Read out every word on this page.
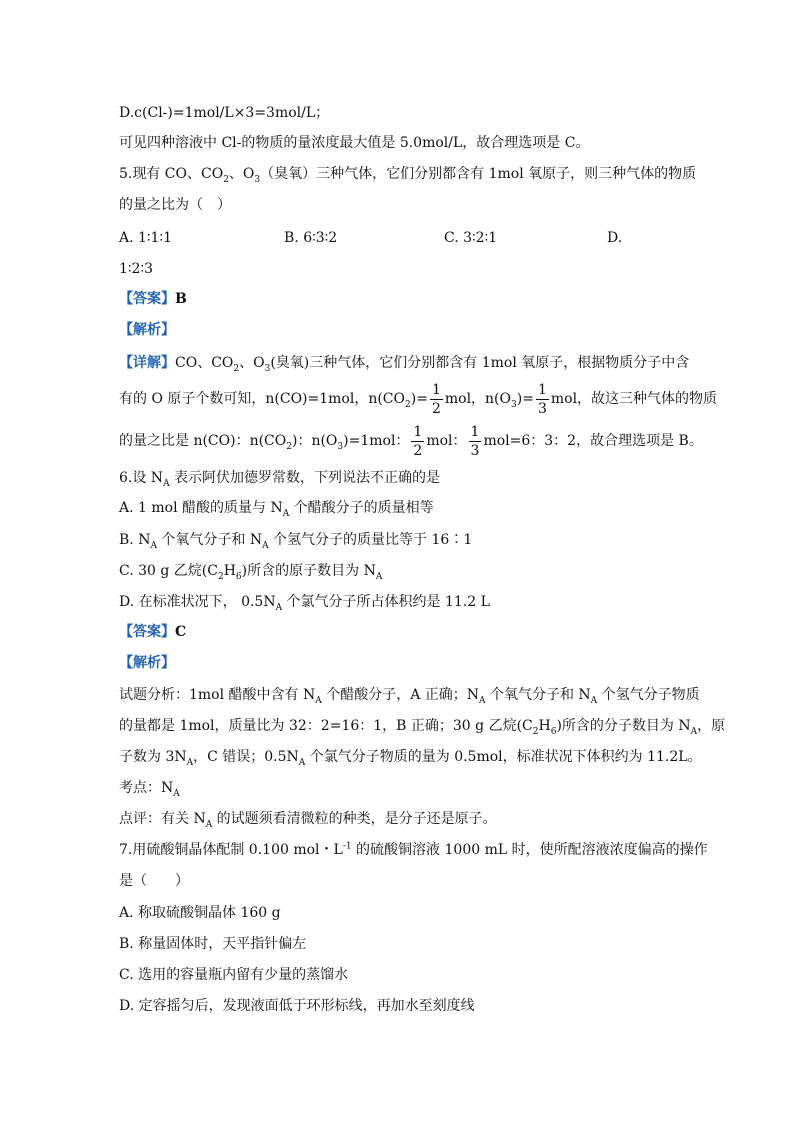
D.c(Cl-)=1mol/L×3=3mol/L；
可见四种溶液中 Cl-的物质的量浓度最大值是 5.0mol/L，故合理选项是 C。
5.现有 CO、$CO_2$、$O_3$（臭氧）三种气体，它们分别都含有 1mol 氧原子，则三种气体的物质
的量之比为（　）
A. 1∶1∶1	B. 6∶3∶2	C. 3∶2∶1	D.
1∶2∶3
【答案】B
【解析】
【详解】CO、$CO_2$、$O_3$(臭氧)三种气体，它们分别都含有 1mol 氧原子，根据物质分子中含
有的 O 原子个数可知，n(CO)=1mol，$n(CO_2)= \frac{1}{2}$ mol，$n(O_3)= \frac{1}{3}$ mol，故这三种气体的物质
的量之比是 n(CO)：$n(CO_2)$：$n(O_3)=1mol$： $\frac{1}{2}$ mol： $\frac{1}{3} mol=6$：3：2，故合理选项是 B。
6.设 $N_A$ 表示阿伏加德罗常数，下列说法不正确的是
A. 1 mol 醋酸的质量与 $N_A$ 个醋酸分子的质量相等
B. $N_A$ 个氧气分子和 $N_A$ 个氢气分子的质量比等于 16∶1
C. 30 g 乙烷$(C_2H_6)$所含的原子数目为 $N_A$
D. 在标准状况下， $0.5N_A$ 个氯气分子所占体积约是 11.2 L
【答案】C
【解析】
试题分析：1mol 醋酸中含有 $N_A$ 个醋酸分子，A 正确；$N_A$ 个氧气分子和 $N_A$ 个氢气分子物质
的量都是 1mol，质量比为 32：2=16：1，B 正确；30 g 乙烷$(C_2H_6)$所含的分子数目为 $N_A$，原
子数为 $3N_A$，C 错误；$0.5N_A$ 个氯气分子物质的量为 0.5mol，标准状况下体积约为 11.2L。
考点：$N_A$
点评：有关 $N_A$ 的试题须看清微粒的种类，是分子还是原子。
7.用硫酸铜晶体配制 0.100 mol・$L^{-1}$ 的硫酸铜溶液 1000 mL 时，使所配溶液浓度偏高的操作
是（　　）
A. 称取硫酸铜晶体 160 g
B. 称量固体时，天平指针偏左
C. 选用的容量瓶内留有少量的蒸馏水
D. 定容摇匀后，发现液面低于环形标线，再加水至刻度线
